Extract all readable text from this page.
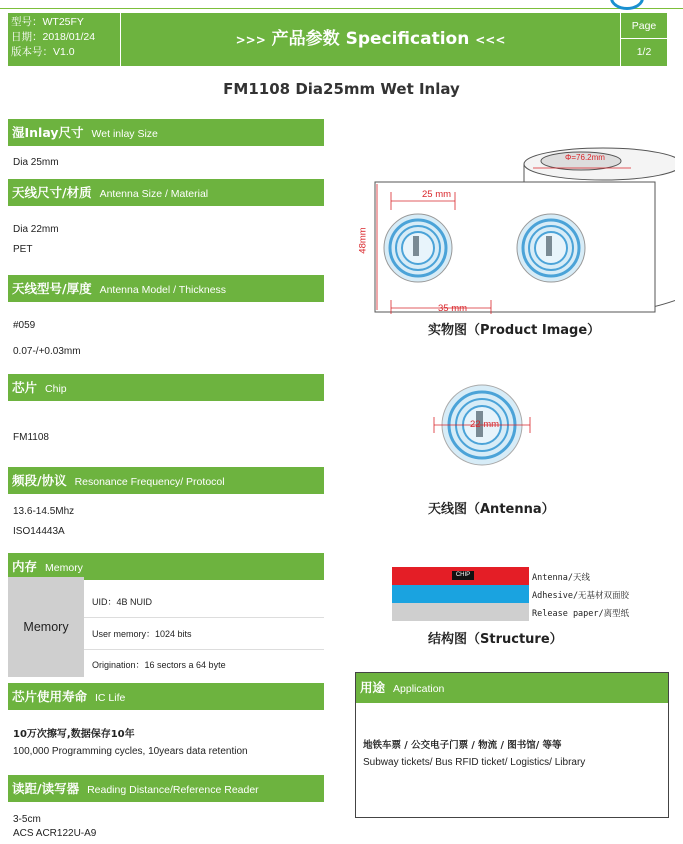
型号：WT25FY
日期：2018/01/24
版本号：V1.0
>>> 产品参数 Specification <<<
Page
1/2
FM1108 Dia25mm Wet Inlay
湿Inlay尺寸 Wet inlay Size
Dia 25mm
天线尺寸/材质 Antenna Size / Material
Dia 22mm
PET
天线型号/厚度 Antenna Model / Thickness
#059
0.07-/+0.03mm
芯片 Chip
FM1108
频段/协议 Resonance Frequency/ Protocol
13.6-14.5Mhz
ISO14443A
内存 Memory
Memory
UID：4B NUID
User memory：1024 bits
Origination：16 sectors a 64 byte
芯片使用寿命 IC Life
10万次擦写,数据保存10年
100,000 Programming cycles, 10years data retention
读距/读写器 Reading Distance/Reference Reader
3-5cm
ACS ACR122U-A9
25 mm
35 mm
48mm
Φ=76.2mm
实物图（Product Image）
22 mm
天线图（Antenna）
CHIP	Antenna/天线
Adhesive/无基材双面胶
Release paper/离型纸
结构图（Structure）
用途 Application
地铁车票 / 公交电子门票 / 物流 / 图书馆/ 等等
Subway tickets/ Bus RFID ticket/ Logistics/ Library
